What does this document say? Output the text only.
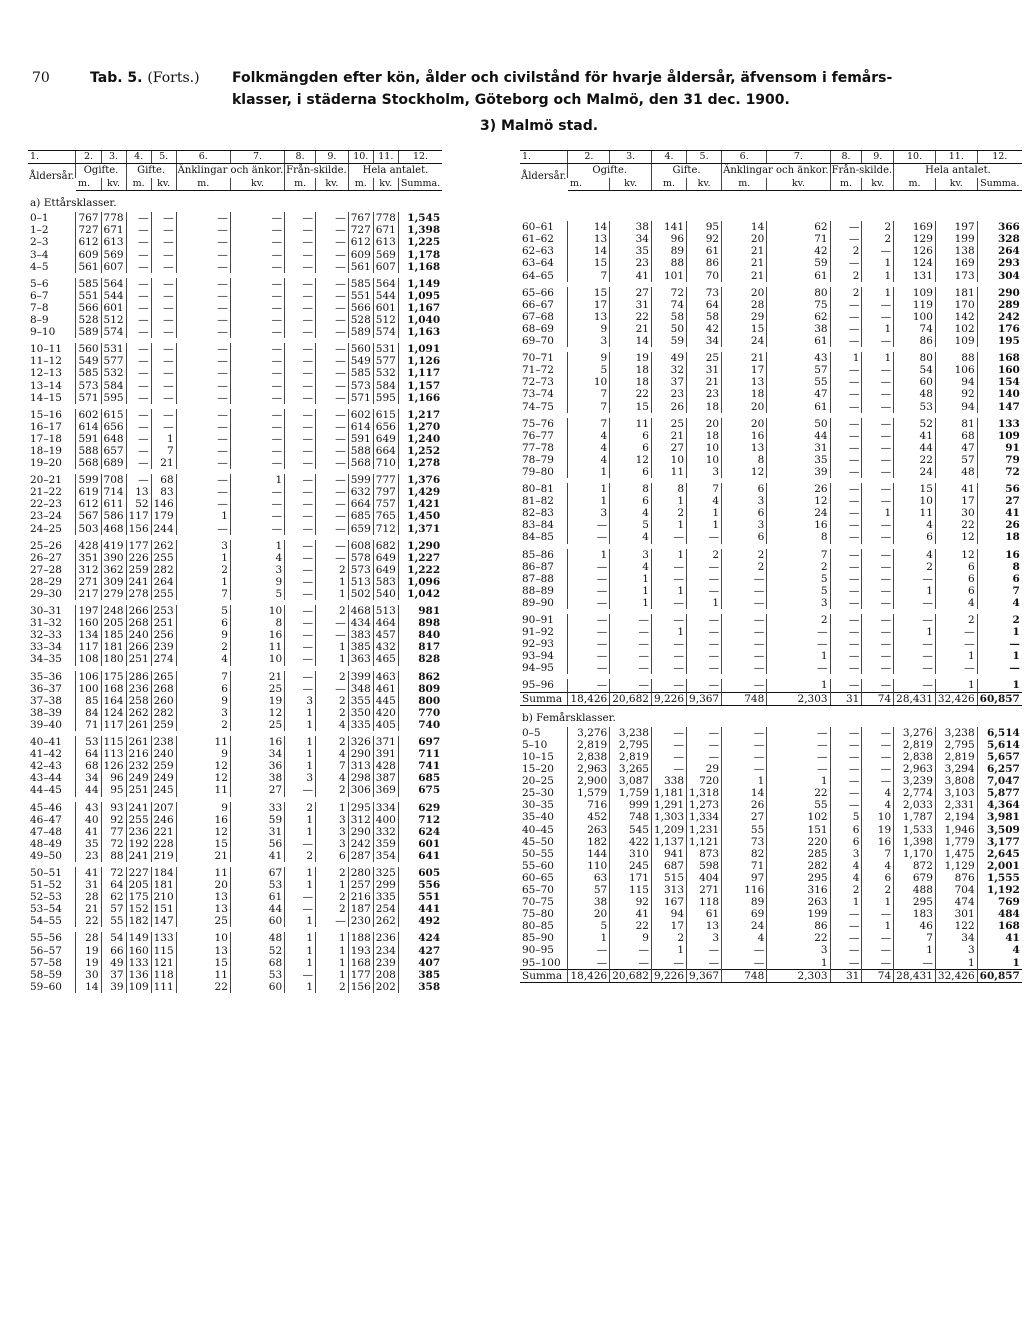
70	Tab. 5. (Forts.) Folkmängden efter kön, ålder och civilstånd för hvarje åldersår, äfvensom i femårs-
klasser, i städerna Stockholm, Göteborg och Malmö, den 31 dec. 1900.
3) Malmö stad.
1.	2.	3.	4.	5.	6.	7.	8.	9.	10.	11.	12.
Åldersår.	Ogifte.		Gifte.		Änklingar och änkor.		Från-skilde.		Hela antalet.		
	m.	kv.	m.	kv.	m.	kv.	m.	kv.	m.	kv.	Summa.
a) Ettårsklasser.											
0–1	767	778	—	—	—	—	—	—	767	778	1,545
1–2	727	671	—	—	—	—	—	—	727	671	1,398
2–3	612	613	—	—	—	—	—	—	612	613	1,225
3–4	609	569	—	—	—	—	—	—	609	569	1,178
4–5	561	607	—	—	—	—	—	—	561	607	1,168

5–6	585	564	—	—	—	—	—	—	585	564	1,149
6–7	551	544	—	—	—	—	—	—	551	544	1,095
7–8	566	601	—	—	—	—	—	—	566	601	1,167
8–9	528	512	—	—	—	—	—	—	528	512	1,040
9–10	589	574	—	—	—	—	—	—	589	574	1,163

10–11	560	531	—	—	—	—	—	—	560	531	1,091
11–12	549	577	—	—	—	—	—	—	549	577	1,126
12–13	585	532	—	—	—	—	—	—	585	532	1,117
13–14	573	584	—	—	—	—	—	—	573	584	1,157
14–15	571	595	—	—	—	—	—	—	571	595	1,166

15–16	602	615	—	—	—	—	—	—	602	615	1,217
16–17	614	656	—	—	—	—	—	—	614	656	1,270
17–18	591	648	—	1	—	—	—	—	591	649	1,240
18–19	588	657	—	7	—	—	—	—	588	664	1,252
19–20	568	689	—	21	—	—	—	—	568	710	1,278

20–21	599	708	—	68	—	1	—	—	599	777	1,376
21–22	619	714	13	83	—	—	—	—	632	797	1,429
22–23	612	611	52	146	—	—	—	—	664	757	1,421
23–24	567	586	117	179	1	—	—	—	685	765	1,450
24–25	503	468	156	244	—	—	—	—	659	712	1,371

25–26	428	419	177	262	3	1	—	—	608	682	1,290
26–27	351	390	226	255	1	4	—	—	578	649	1,227
27–28	312	362	259	282	2	3	—	2	573	649	1,222
28–29	271	309	241	264	1	9	—	1	513	583	1,096
29–30	217	279	278	255	7	5	—	1	502	540	1,042

30–31	197	248	266	253	5	10	—	2	468	513	981
31–32	160	205	268	251	6	8	—	—	434	464	898
32–33	134	185	240	256	9	16	—	—	383	457	840
33–34	117	181	266	239	2	11	—	1	385	432	817
34–35	108	180	251	274	4	10	—	1	363	465	828

35–36	106	175	286	265	7	21	—	2	399	463	862
36–37	100	168	236	268	6	25	—	—	348	461	809
37–38	85	164	258	260	9	19	3	2	355	445	800
38–39	84	124	262	282	3	12	1	2	350	420	770
39–40	71	117	261	259	2	25	1	4	335	405	740

40–41	53	115	261	238	11	16	1	2	326	371	697
41–42	64	113	216	240	9	34	1	4	290	391	711
42–43	68	126	232	259	12	36	1	7	313	428	741
43–44	34	96	249	249	12	38	3	4	298	387	685
44–45	44	95	251	245	11	27	—	2	306	369	675

45–46	43	93	241	207	9	33	2	1	295	334	629
46–47	40	92	255	246	16	59	1	3	312	400	712
47–48	41	77	236	221	12	31	1	3	290	332	624
48–49	35	72	192	228	15	56	—	3	242	359	601
49–50	23	88	241	219	21	41	2	6	287	354	641

50–51	41	72	227	184	11	67	1	2	280	325	605
51–52	31	64	205	181	20	53	1	1	257	299	556
52–53	28	62	175	210	13	61	—	2	216	335	551
53–54	21	57	152	151	13	44	—	2	187	254	441
54–55	22	55	182	147	25	60	1	—	230	262	492

55–56	28	54	149	133	10	48	1	1	188	236	424
56–57	19	66	160	115	13	52	1	1	193	234	427
57–58	19	49	133	121	15	68	1	1	168	239	407
58–59	30	37	136	118	11	53	—	1	177	208	385
59–60	14	39	109	111	22	60	1	2	156	202	358
1.	2.	3.	4.	5.	6.	7.	8.	9.	10.	11.	12.
Åldersår.	Ogifte.		Gifte.		Änklingar och änkor.		Från-skilde.		Hela antalet.		
	m.	kv.	m.	kv.	m.	kv.	m.	kv.	m.	kv.	Summa.

60–61	14	38	141	95	14	62	—	2	169	197	366
61–62	13	34	96	92	20	71	—	2	129	199	328
62–63	14	35	89	61	21	42	2	—	126	138	264
63–64	15	23	88	86	21	59	—	1	124	169	293
64–65	7	41	101	70	21	61	2	1	131	173	304

65–66	15	27	72	73	20	80	2	1	109	181	290
66–67	17	31	74	64	28	75	—	—	119	170	289
67–68	13	22	58	58	29	62	—	—	100	142	242
68–69	9	21	50	42	15	38	—	1	74	102	176
69–70	3	14	59	34	24	61	—	—	86	109	195

70–71	9	19	49	25	21	43	1	1	80	88	168
71–72	5	18	32	31	17	57	—	—	54	106	160
72–73	10	18	37	21	13	55	—	—	60	94	154
73–74	7	22	23	23	18	47	—	—	48	92	140
74–75	7	15	26	18	20	61	—	—	53	94	147

75–76	7	11	25	20	20	50	—	—	52	81	133
76–77	4	6	21	18	16	44	—	—	41	68	109
77–78	4	6	27	10	13	31	—	—	44	47	91
78–79	4	12	10	10	8	35	—	—	22	57	79
79–80	1	6	11	3	12	39	—	—	24	48	72

80–81	1	8	8	7	6	26	—	—	15	41	56
81–82	1	6	1	4	3	12	—	—	10	17	27
82–83	3	4	2	1	6	24	—	1	11	30	41
83–84	—	5	1	1	3	16	—	—	4	22	26
84–85	—	4	—	—	6	8	—	—	6	12	18

85–86	1	3	1	2	2	7	—	—	4	12	16
86–87	—	4	—	—	2	2	—	—	2	6	8
87–88	—	1	—	—	—	5	—	—	—	6	6
88–89	—	1	1	—	—	5	—	—	1	6	7
89–90	—	1	—	1	—	3	—	—	—	4	4

90–91	—	—	—	—	—	2	—	—	—	2	2
91–92	—	—	1	—	—	—	—	—	1	—	1
92–93	—	—	—	—	—	—	—	—	—	—	—
93–94	—	—	—	—	—	1	—	—	—	1	1
94–95	—	—	—	—	—	—	—	—	—	—	—

95–96	—	—	—	—	—	1	—	—	—	1	1
Summa	18,426	20,682	9,226	9,367	748	2,303	31	74	28,431	32,426	60,857
b) Femårsklasser.											
0–5	3,276	3,238	—	—	—	—	—	—	3,276	3,238	6,514
5–10	2,819	2,795	—	—	—	—	—	—	2,819	2,795	5,614
10–15	2,838	2,819	—	—	—	—	—	—	2,838	2,819	5,657
15–20	2,963	3,265	—	29	—	—	—	—	2,963	3,294	6,257
20–25	2,900	3,087	338	720	1	1	—	—	3,239	3,808	7,047
25–30	1,579	1,759	1,181	1,318	14	22	—	4	2,774	3,103	5,877
30–35	716	999	1,291	1,273	26	55	—	4	2,033	2,331	4,364
35–40	452	748	1,303	1,334	27	102	5	10	1,787	2,194	3,981
40–45	263	545	1,209	1,231	55	151	6	19	1,533	1,946	3,509
45–50	182	422	1,137	1,121	73	220	6	16	1,398	1,779	3,177
50–55	144	310	941	873	82	285	3	7	1,170	1,475	2,645
55–60	110	245	687	598	71	282	4	4	872	1,129	2,001
60–65	63	171	515	404	97	295	4	6	679	876	1,555
65–70	57	115	313	271	116	316	2	2	488	704	1,192
70–75	38	92	167	118	89	263	1	1	295	474	769
75–80	20	41	94	61	69	199	—	—	183	301	484
80–85	5	22	17	13	24	86	—	1	46	122	168
85–90	1	9	2	3	4	22	—	—	7	34	41
90–95	—	—	1	—	—	3	—	—	1	3	4
95–100	—	—	—	—	—	1	—	—	—	1	1
Summa	18,426	20,682	9,226	9,367	748	2,303	31	74	28,431	32,426	60,857
